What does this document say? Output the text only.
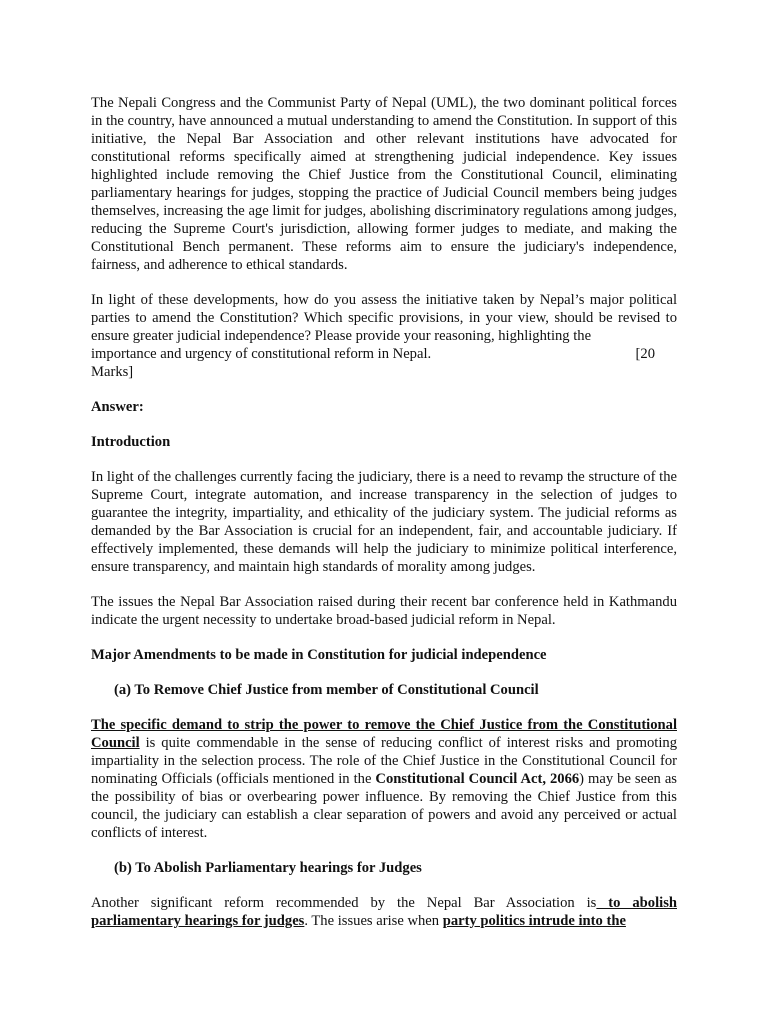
The Nepali Congress and the Communist Party of Nepal (UML), the two dominant political forces in the country, have announced a mutual understanding to amend the Constitution. In support of this initiative, the Nepal Bar Association and other relevant institutions have advocated for constitutional reforms specifically aimed at strengthening judicial independence. Key issues highlighted include removing the Chief Justice from the Constitutional Council, eliminating parliamentary hearings for judges, stopping the practice of Judicial Council members being judges themselves, increasing the age limit for judges, abolishing discriminatory regulations among judges, reducing the Supreme Court's jurisdiction, allowing former judges to mediate, and making the Constitutional Bench permanent. These reforms aim to ensure the judiciary's independence, fairness, and adherence to ethical standards.

In light of these developments, how do you assess the initiative taken by Nepal’s major political parties to amend the Constitution? Which specific provisions, in your view, should be revised to ensure greater judicial independence? Please provide your reasoning, highlighting the

importance and urgency of constitutional reform in Nepal.	[20
Marks]

Answer:

Introduction

In light of the challenges currently facing the judiciary, there is a need to revamp the structure of the Supreme Court, integrate automation, and increase transparency in the selection of judges to guarantee the integrity, impartiality, and ethicality of the judiciary system. The judicial reforms as demanded by the Bar Association is crucial for an independent, fair, and accountable judiciary. If effectively implemented, these demands will help the judiciary to minimize political interference, ensure transparency, and maintain high standards of morality among judges.

The issues the Nepal Bar Association raised during their recent bar conference held in Kathmandu indicate the urgent necessity to undertake broad-based judicial reform in Nepal.

Major Amendments to be made in Constitution for judicial independence

(a) To Remove Chief Justice from member of Constitutional Council

The specific demand to strip the power to remove the Chief Justice from the Constitutional Council is quite commendable in the sense of reducing conflict of interest risks and promoting impartiality in the selection process. The role of the Chief Justice in the Constitutional Council for nominating Officials (officials mentioned in the Constitutional Council Act, 2066) may be seen as the possibility of bias or overbearing power influence. By removing the Chief Justice from this council, the judiciary can establish a clear separation of powers and avoid any perceived or actual conflicts of interest.

(b) To Abolish Parliamentary hearings for Judges

Another significant reform recommended by the Nepal Bar Association is to abolish parliamentary hearings for judges. The issues arise when party politics intrude into the
